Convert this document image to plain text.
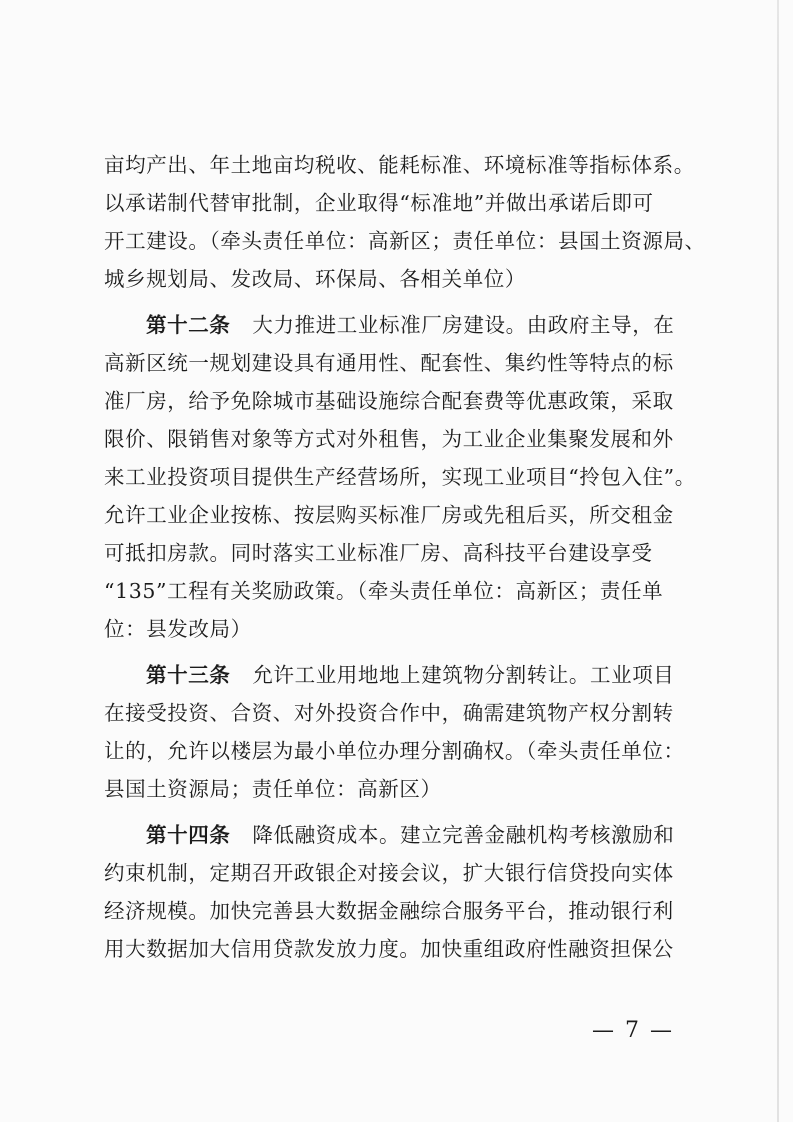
亩均产出、年土地亩均税收、能耗标准、环境标准等指标体系。
以承诺制代替审批制，企业取得“标准地”并做出承诺后即可
开工建设。（牵头责任单位：高新区；责任单位：县国土资源局、
城乡规划局、发改局、环保局、各相关单位）
第十二条 大力推进工业标准厂房建设。由政府主导，在
高新区统一规划建设具有通用性、配套性、集约性等特点的标
准厂房，给予免除城市基础设施综合配套费等优惠政策，采取
限价、限销售对象等方式对外租售，为工业企业集聚发展和外
来工业投资项目提供生产经营场所，实现工业项目“拎包入住”。
允许工业企业按栋、按层购买标准厂房或先租后买，所交租金
可抵扣房款。同时落实工业标准厂房、高科技平台建设享受
“135”工程有关奖励政策。（牵头责任单位：高新区；责任单
位：县发改局）
第十三条 允许工业用地地上建筑物分割转让。工业项目
在接受投资、合资、对外投资合作中，确需建筑物产权分割转
让的，允许以楼层为最小单位办理分割确权。（牵头责任单位：
县国土资源局；责任单位：高新区）
第十四条 降低融资成本。建立完善金融机构考核激励和
约束机制，定期召开政银企对接会议，扩大银行信贷投向实体
经济规模。加快完善县大数据金融综合服务平台，推动银行利
用大数据加大信用贷款发放力度。加快重组政府性融资担保公
— 7 —
